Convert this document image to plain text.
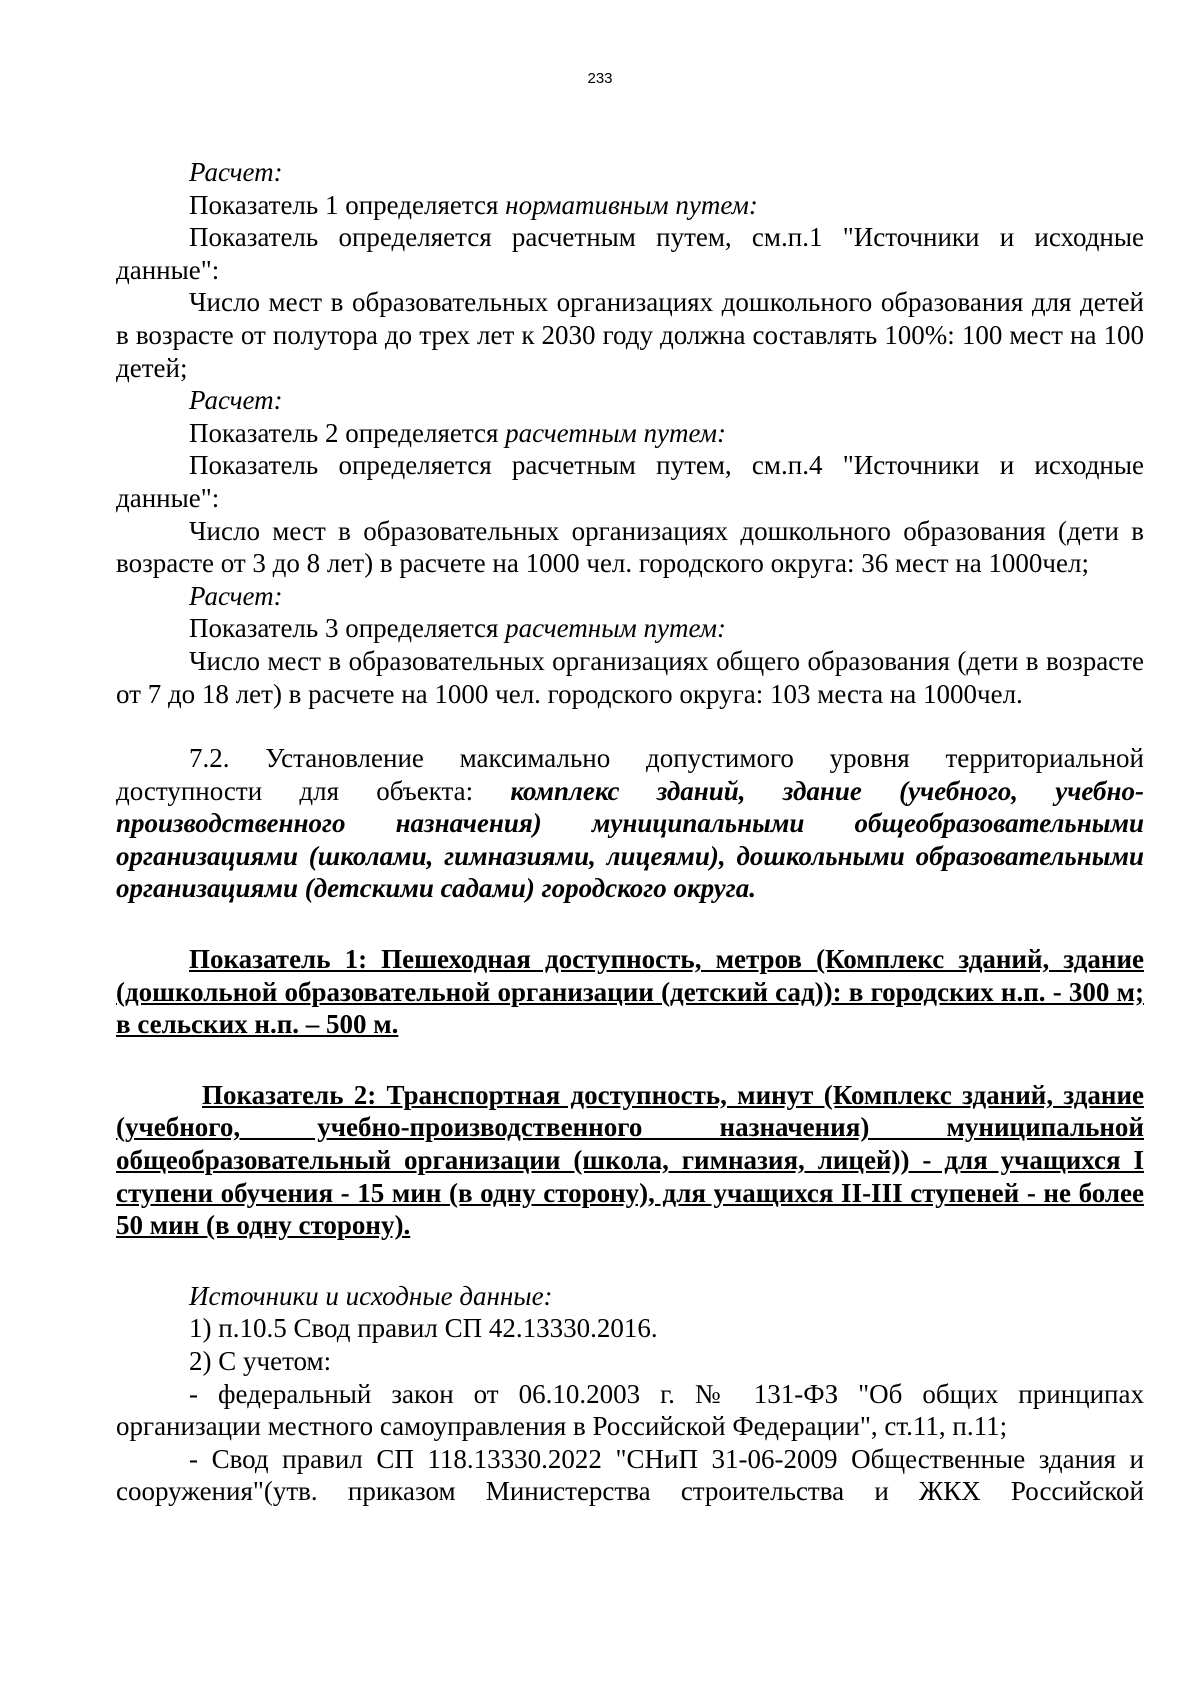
233

Расчет:

Показатель 1 определяется нормативным путем:

Показатель определяется расчетным путем, см.п.1 "Источники и исходные данные":

Число мест в образовательных организациях дошкольного образования для детей в возрасте от полутора до трех лет к 2030 году должна составлять 100%: 100 мест на 100 детей;

Расчет:

Показатель 2 определяется расчетным путем:

Показатель определяется расчетным путем, см.п.4 "Источники и исходные данные":

Число мест в образовательных организациях дошкольного образования (дети в возрасте от 3 до 8 лет) в расчете на 1000 чел. городского округа: 36 мест на 1000чел;

Расчет:

Показатель 3 определяется расчетным путем:

Число мест в образовательных организациях общего образования (дети в возрасте от 7 до 18 лет) в расчете на 1000 чел. городского округа: 103 места на 1000чел.

7.2. Установление максимально допустимого уровня территориальной доступности для объекта: комплекс зданий, здание (учебного, учебно-производственного назначения) муниципальными общеобразовательными организациями (школами, гимназиями, лицеями), дошкольными образовательными организациями (детскими садами) городского округа.

Показатель 1: Пешеходная доступность, метров (Комплекс зданий, здание (дошкольной образовательной организации (детский сад)): в городских н.п. - 300 м; в сельских н.п. – 500 м.

Показатель 2: Транспортная доступность, минут (Комплекс зданий, здание (учебного, учебно-производственного назначения) муниципальной общеобразовательный организации (школа, гимназия, лицей)) - для учащихся I ступени обучения - 15 мин (в одну сторону), для учащихся II-III ступеней - не более 50 мин (в одну сторону).

Источники и исходные данные:

1) п.10.5 Свод правил СП 42.13330.2016.

2) С учетом:

- федеральный закон от 06.10.2003 г. № 131-ФЗ "Об общих принципах организации местного самоуправления в Российской Федерации", ст.11, п.11;

- Свод правил СП 118.13330.2022 "СНиП 31-06-2009 Общественные здания и сооружения"(утв. приказом Министерства строительства и ЖКХ Российской
